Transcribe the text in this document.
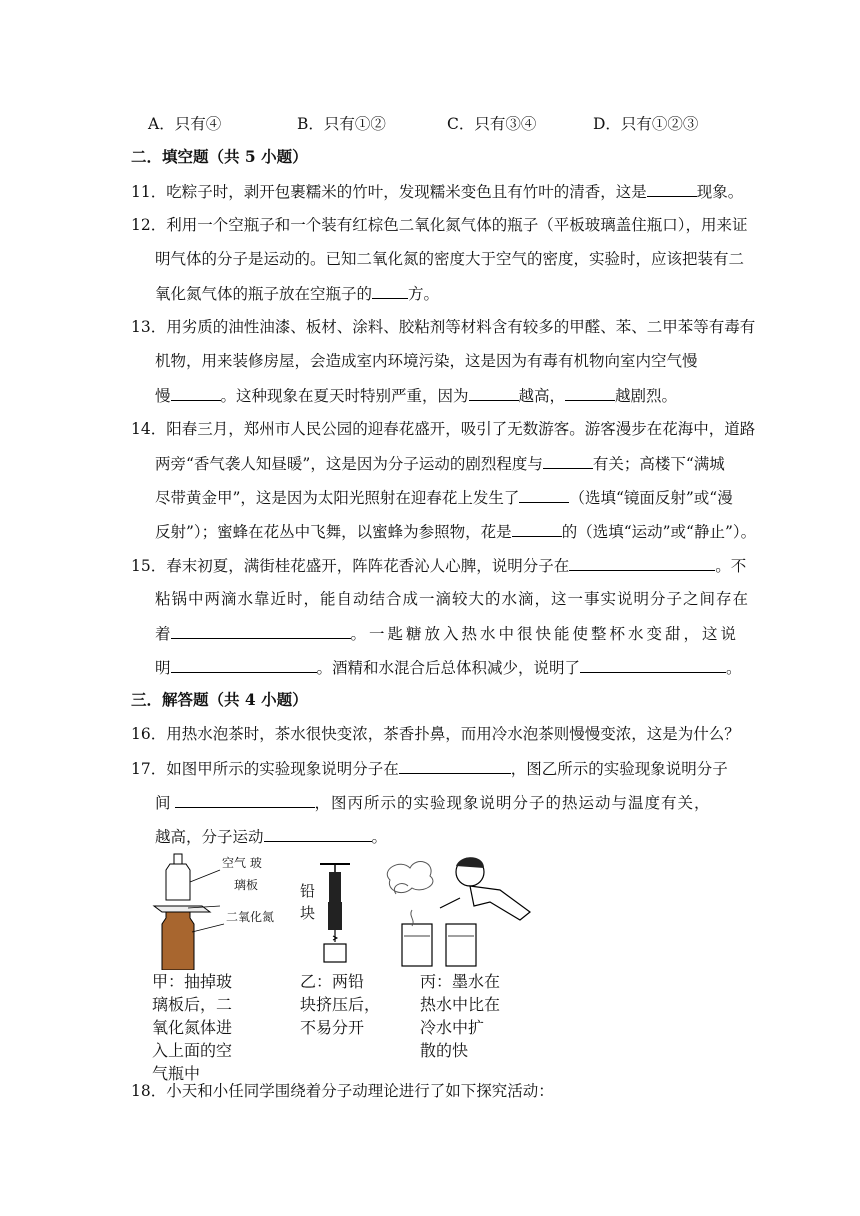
A．只有④	B．只有①②	C．只有③④	D．只有①②③
二．填空题（共 5 小题）
11．吃粽子时，剥开包裹糯米的竹叶，发现糯米变色且有竹叶的清香，这是	现象。
12．利用一个空瓶子和一个装有红棕色二氧化氮气体的瓶子（平板玻璃盖住瓶口），用来证
明气体的分子是运动的。已知二氧化氮的密度大于空气的密度，实验时，应该把装有二
氧化氮气体的瓶子放在空瓶子的 方。
13．用劣质的油性油漆、板材、涂料、胶粘剂等材料含有较多的甲醛、苯、二甲苯等有毒有
机物，用来装修房屋，会造成室内环境污染，这是因为有毒有机物向室内空气慢
慢	。这种现象在夏天时特别严重，因为	越高，	越剧烈。
14．阳春三月，郑州市人民公园的迎春花盛开，吸引了无数游客。游客漫步在花海中，道路
两旁“香气袭人知昼暖”，这是因为分子运动的剧烈程度与	有关；高楼下“满城
尽带黄金甲”，这是因为太阳光照射在迎春花上发生了	（选填“镜面反射”或“漫
反射”）；蜜蜂在花丛中飞舞，以蜜蜂为参照物，花是	的（选填“运动”或“静止”）。
15．春末初夏，满街桂花盛开，阵阵花香沁人心脾，说明分子在	。不
粘锅中两滴水靠近时，能自动结合成一滴较大的水滴，这一事实说明分子之间存在
着	。一匙糖放入热水中很快能使整杯水变甜，这说
明	。酒精和水混合后总体积减少，说明了	。
三．解答题（共 4 小题）
16．用热水泡茶时，茶水很快变浓，茶香扑鼻，而用冷水泡茶则慢慢变浓，这是为什么？
17．如图甲所示的实验现象说明分子在	，图乙所示的实验现象说明分子
间	，图丙所示的实验现象说明分子的热运动与温度有关，
越高，分子运动	。
空气 玻
璃板
二氧化氮
铅
块
甲：抽掉玻
璃板后，二
氧化氮体进
入上面的空
气瓶中
乙：两铅
块挤压后，
不易分开
丙：墨水在
热水中比在
冷水中扩
散的快
18．小天和小任同学围绕着分子动理论进行了如下探究活动：
